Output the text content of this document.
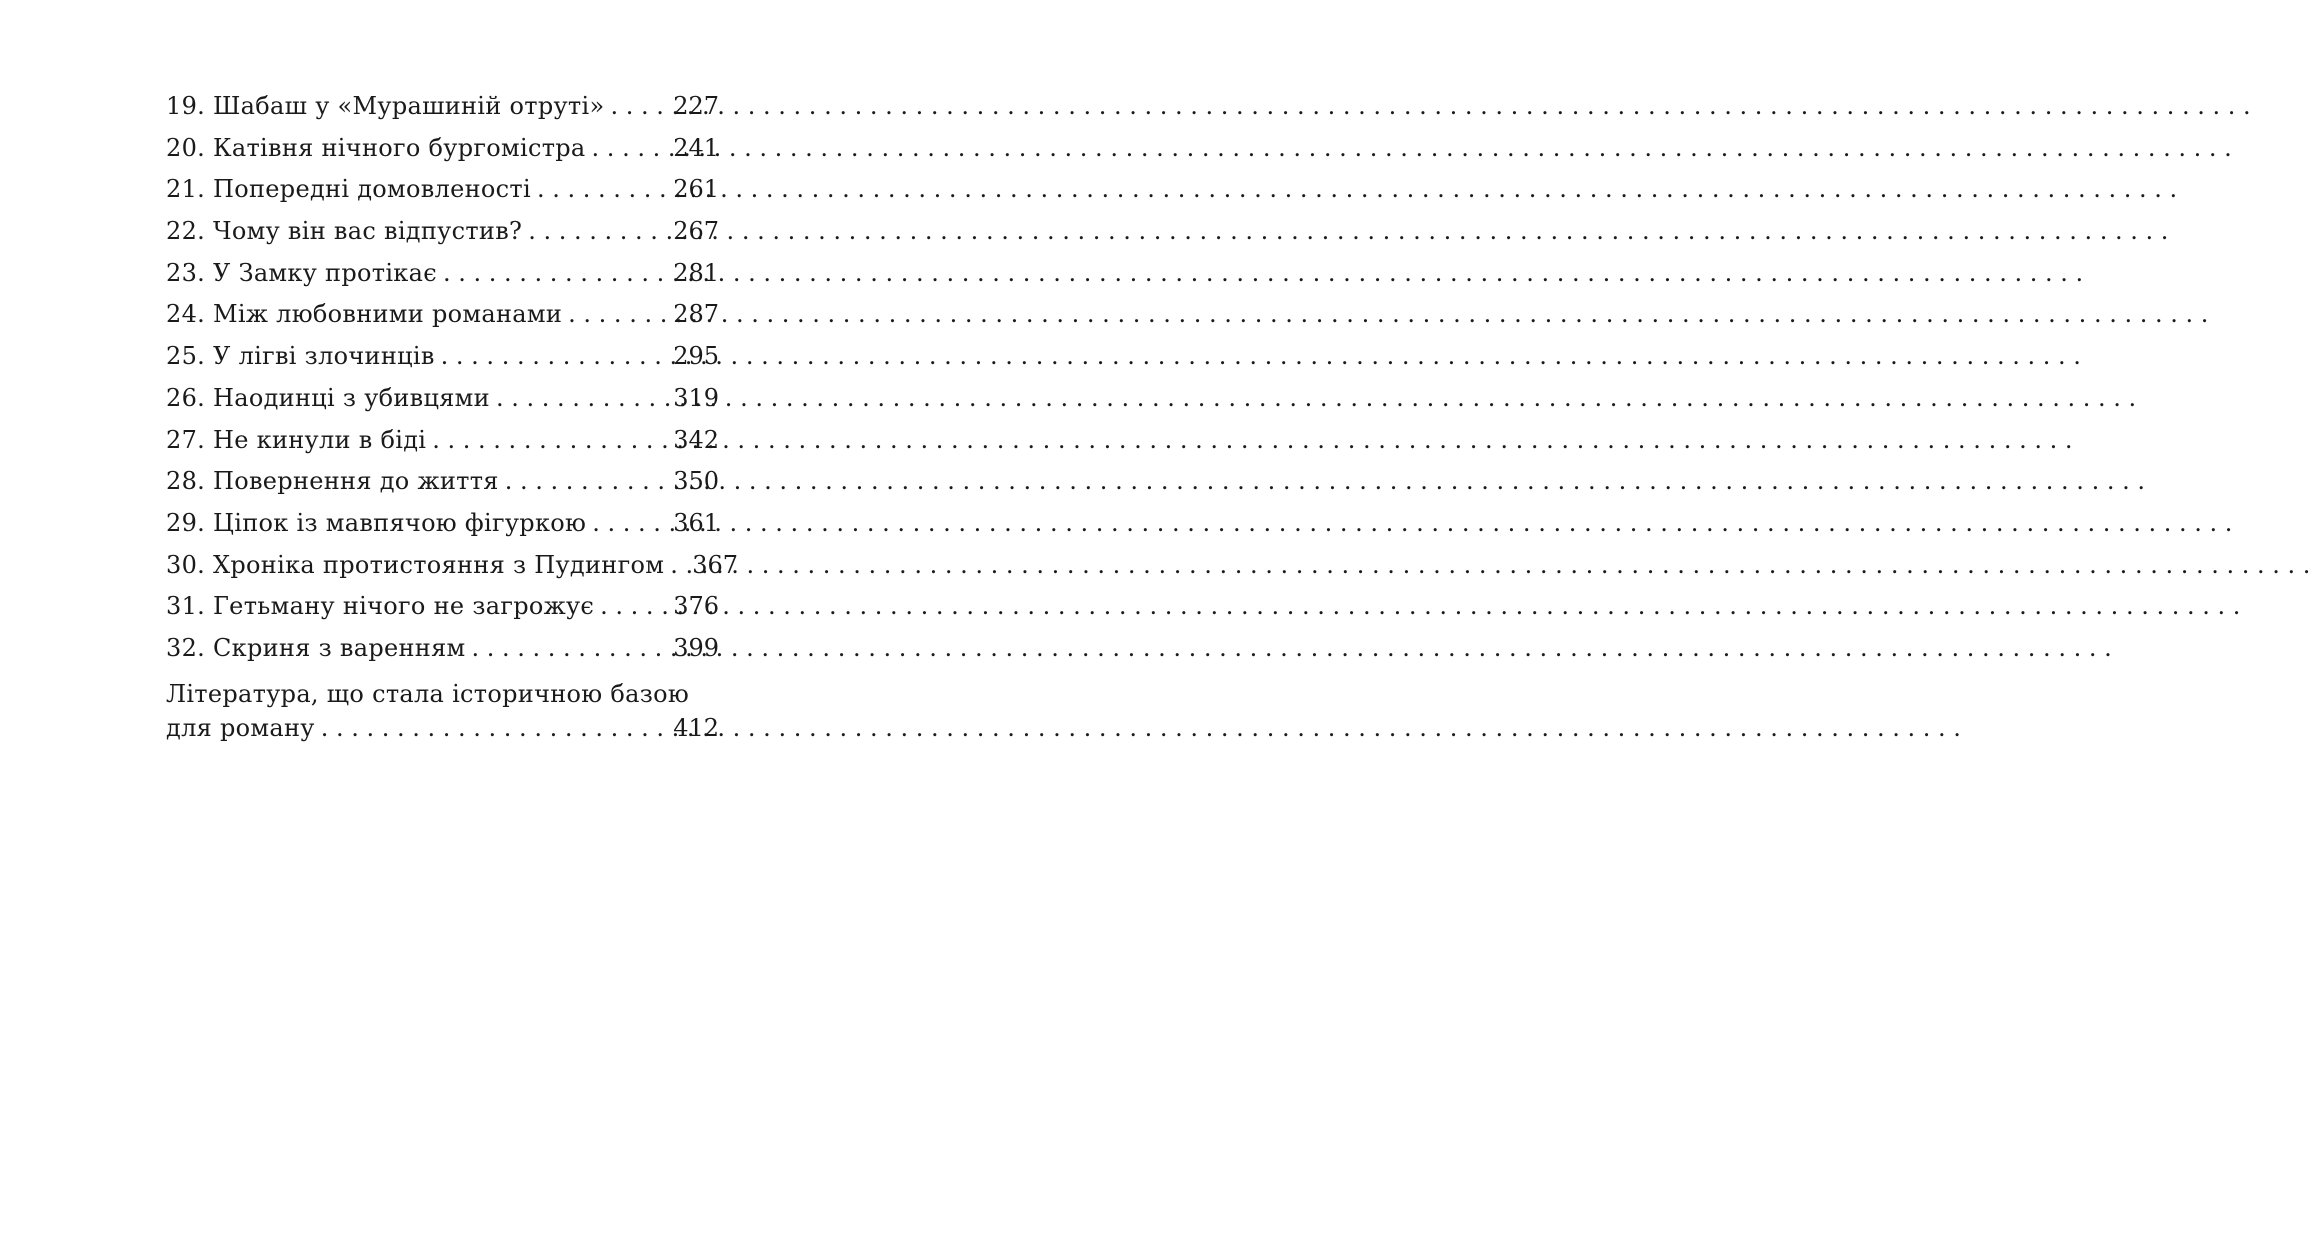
19. Шабаш у «Мурашиній отруті» . . .	227
20. Катівня нічного бургомістра . . .	241
21. Попередні домовленості . . .	261
22. Чому він вас відпустив? . . .	267
23. У Замку протікає . . .	281
24. Між любовними романами . . .	287
25. У лігві злочинців . . .	295
26. Наодинці з убивцями . . .	319
27. Не кинули в біді . . .	342
28. Повернення до життя . . .	350
29. Ціпок із мавпячою фігуркою . . .	361
30. Хроніка протистояння з Пудингом . . . 367
31. Гетьману нічого не загрожує . . .	376
32. Скриня з варенням . . .	399
Література, що стала історичною базою
для роману . . .	412
